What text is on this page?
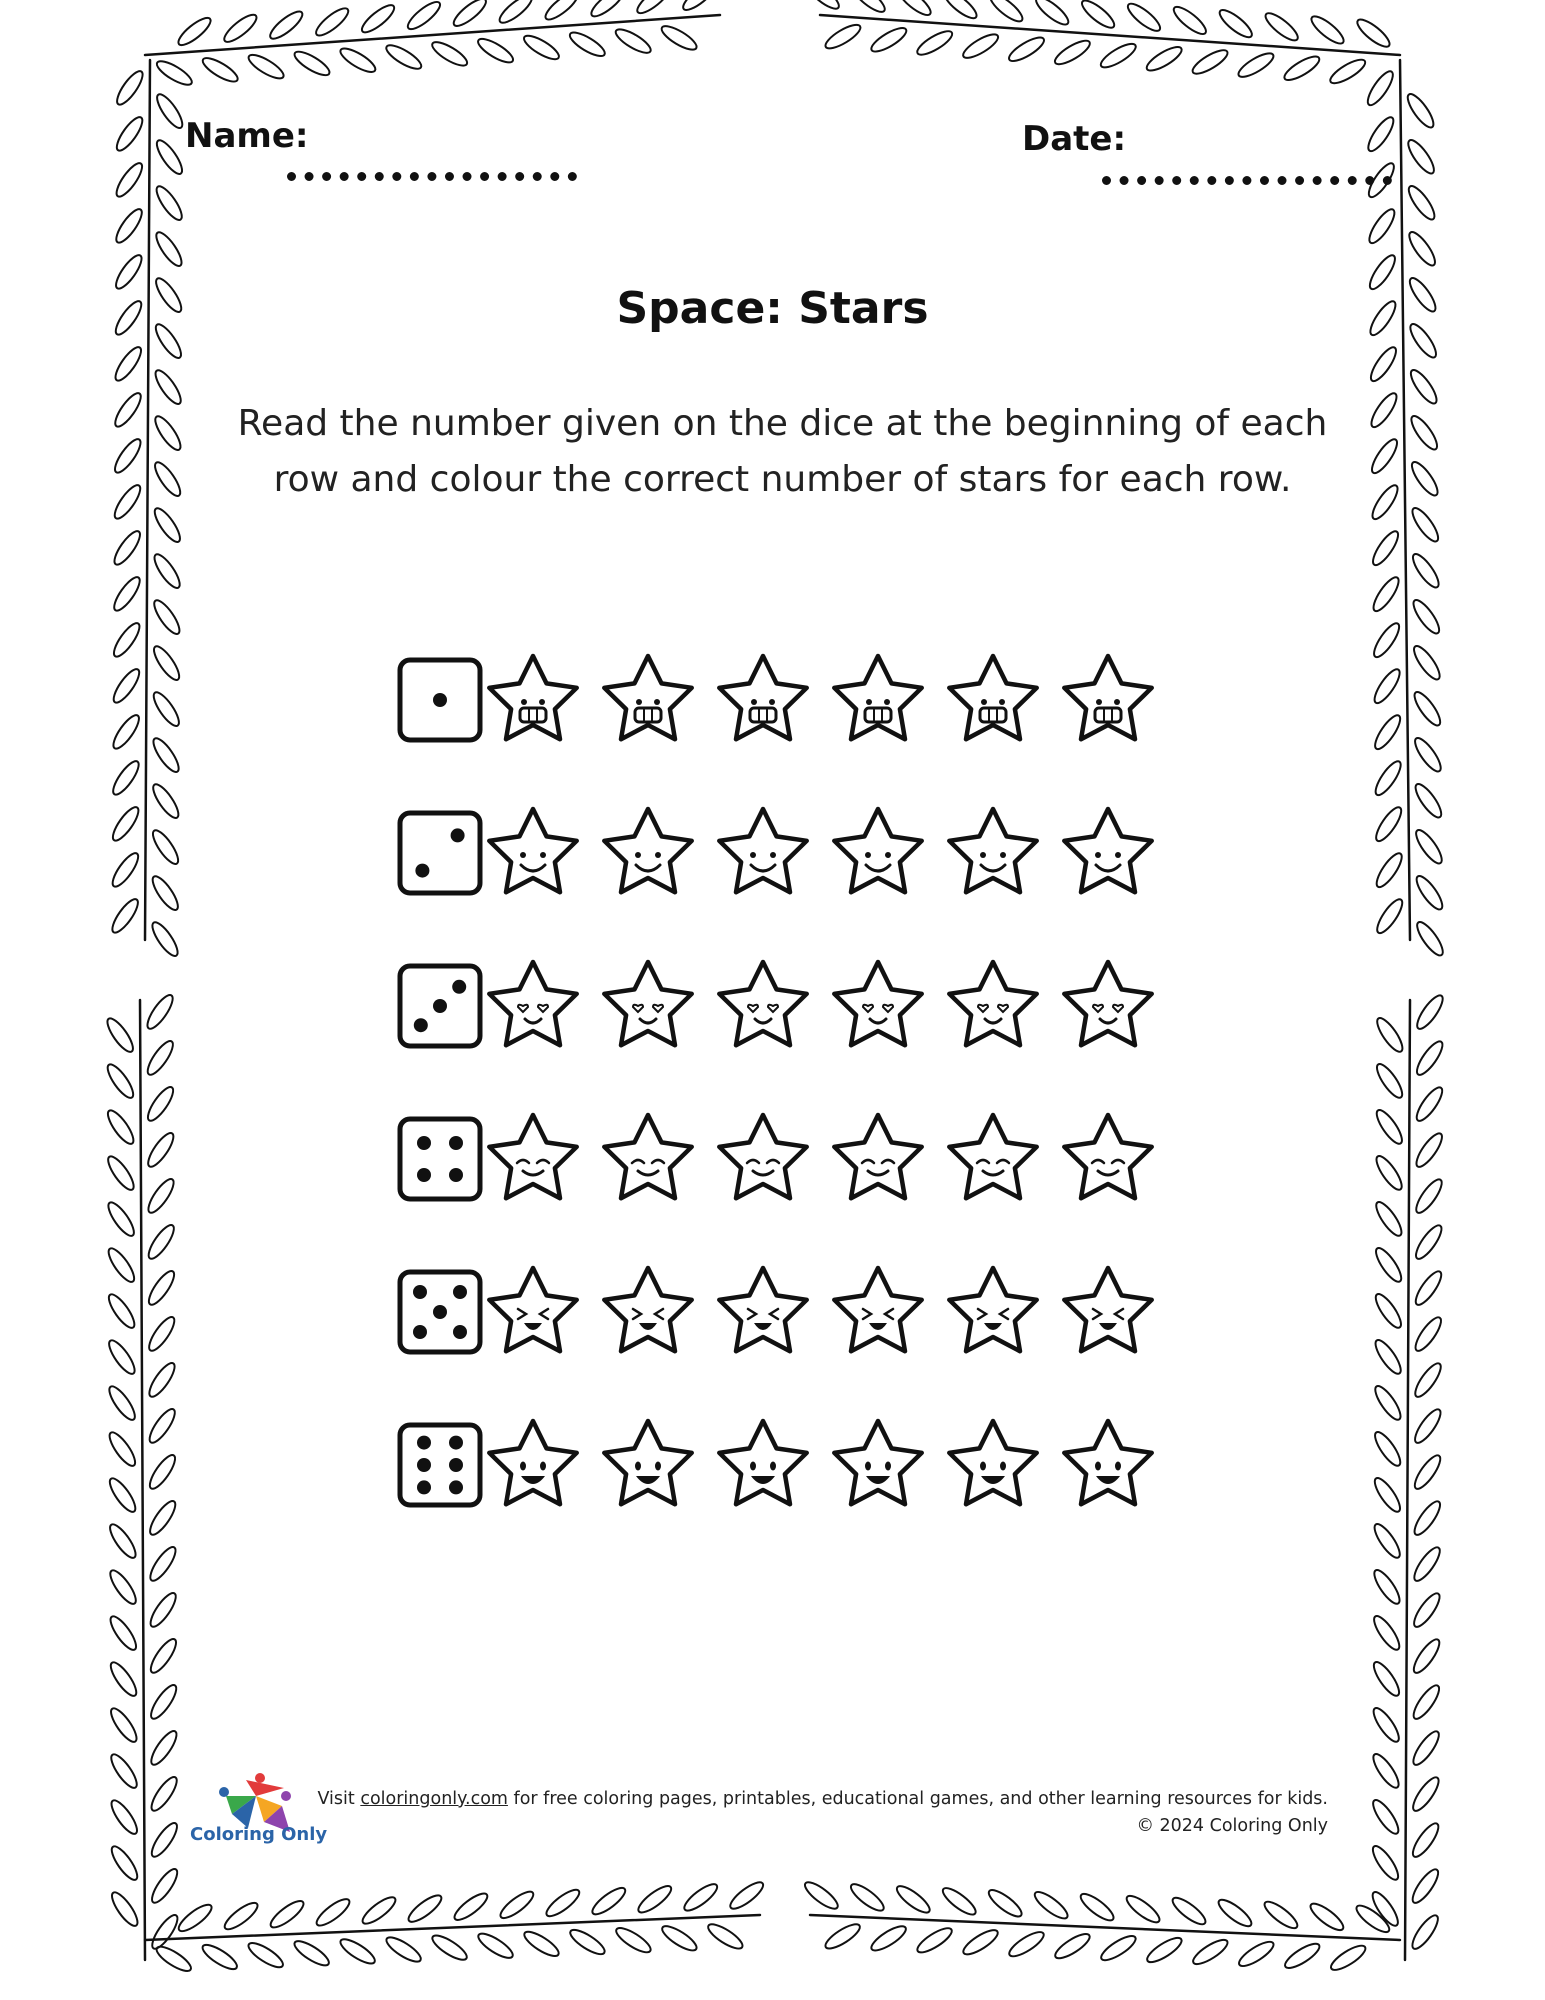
Name:	Date:
Space: Stars
Read the number given on the dice at the beginning of each
row and colour the correct number of stars for each row.
Coloring Only
Visit coloringonly.com for free coloring pages, printables, educational games, and other learning resources for kids.
© 2024 Coloring Only
